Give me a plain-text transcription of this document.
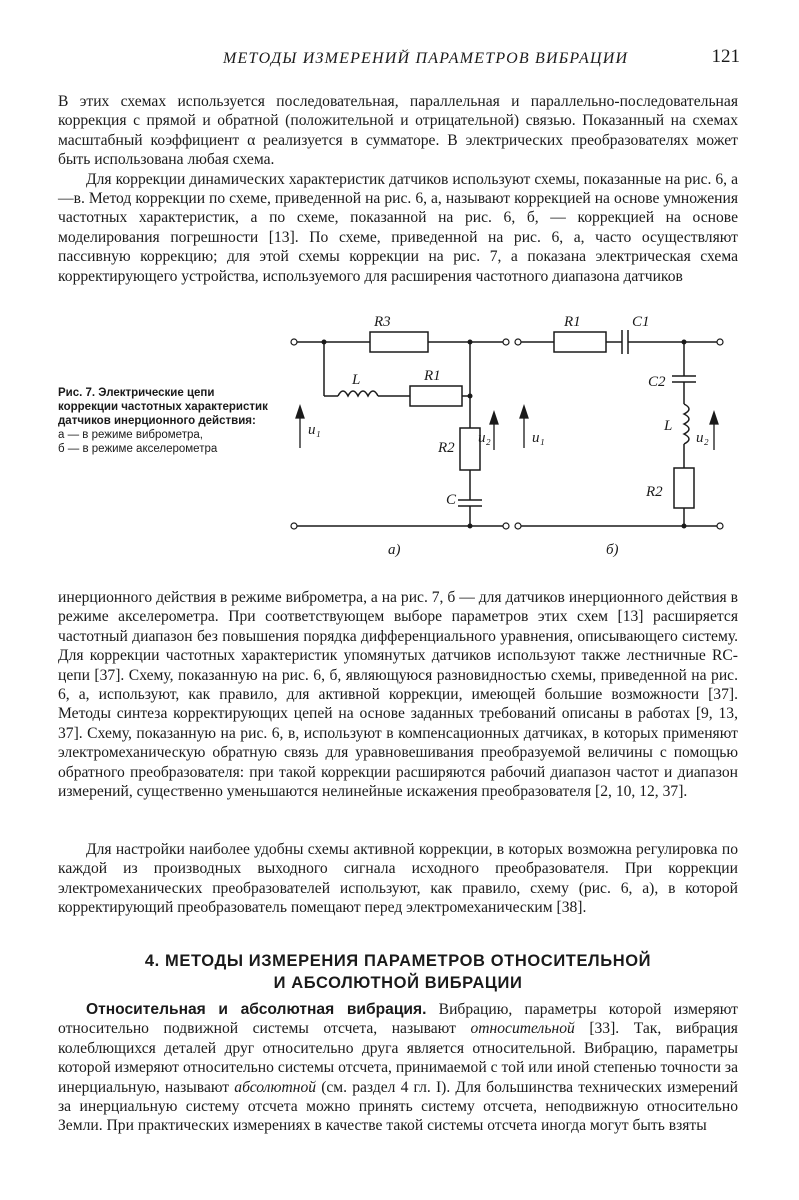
МЕТОДЫ ИЗМЕРЕНИЙ ПАРАМЕТРОВ ВИБРАЦИИ	121

В этих схемах используется последовательная, параллельная и параллельно-последовательная коррекция с прямой и обратной (положительной и отрицательной) связью. Показанный на схемах масштабный коэффициент α реализуется в сумматоре. В электрических преобразователях может быть использована любая схема.

Для коррекции динамических характеристик датчиков используют схемы, показанные на рис. 6, а—в. Метод коррекции по схеме, приведенной на рис. 6, а, называют коррекцией на основе умножения частотных характеристик, а по схеме, показанной на рис. 6, б, — коррекцией на основе моделирования погрешности [13]. По схеме, приведенной на рис. 6, а, часто осуществляют пассивную коррекцию; для этой схемы коррекции на рис. 7, а показана электрическая схема корректирующего устройства, используемого для расширения частотного диапазона датчиков

Рис. 7. Электрические цепи коррекции частотных характеристик датчиков инерционного действия:
а — в режиме виброметра,
б — в режиме акселерометра
R3
L	R1
R2
C
u₁	u₂
а)
R1	C1
C2
L
R2
u₁	u₂
б)

инерционного действия в режиме виброметра, а на рис. 7, б — для датчиков инерционного действия в режиме акселерометра. При соответствующем выборе параметров этих схем [13] расширяется частотный диапазон без повышения порядка дифференциального уравнения, описывающего систему. Для коррекции частотных характеристик упомянутых датчиков используют также лестничные RC-цепи [37]. Схему, показанную на рис. 6, б, являющуюся разновидностью схемы, приведенной на рис. 6, а, используют, как правило, для активной коррекции, имеющей большие возможности [37]. Методы синтеза корректирующих цепей на основе заданных требований описаны в работах [9, 13, 37]. Схему, показанную на рис. 6, в, используют в компенсационных датчиках, в которых применяют электромеханическую обратную связь для уравновешивания преобразуемой величины с помощью обратного преобразователя: при такой коррекции расширяются рабочий диапазон частот и диапазон измерений, существенно уменьшаются нелинейные искажения преобразователя [2, 10, 12, 37].

Для настройки наиболее удобны схемы активной коррекции, в которых возможна регулировка по каждой из производных выходного сигнала исходного преобразователя. При коррекции электромеханических преобразователей используют, как правило, схему (рис. 6, а), в которой корректирующий преобразователь помещают перед электромеханическим [38].

4. МЕТОДЫ ИЗМЕРЕНИЯ ПАРАМЕТРОВ ОТНОСИТЕЛЬНОЙ
И АБСОЛЮТНОЙ ВИБРАЦИИ

Относительная и абсолютная вибрация. Вибрацию, параметры которой измеряют относительно подвижной системы отсчета, называют относительной [33]. Так, вибрация колеблющихся деталей друг относительно друга является относительной. Вибрацию, параметры которой измеряют относительно системы отсчета, принимаемой с той или иной степенью точности за инерциальную, называют абсолютной (см. раздел 4 гл. I). Для большинства технических измерений за инерциальную систему отсчета можно принять систему отсчета, неподвижную относительно Земли. При практических измерениях в качестве такой системы отсчета иногда могут быть взяты
